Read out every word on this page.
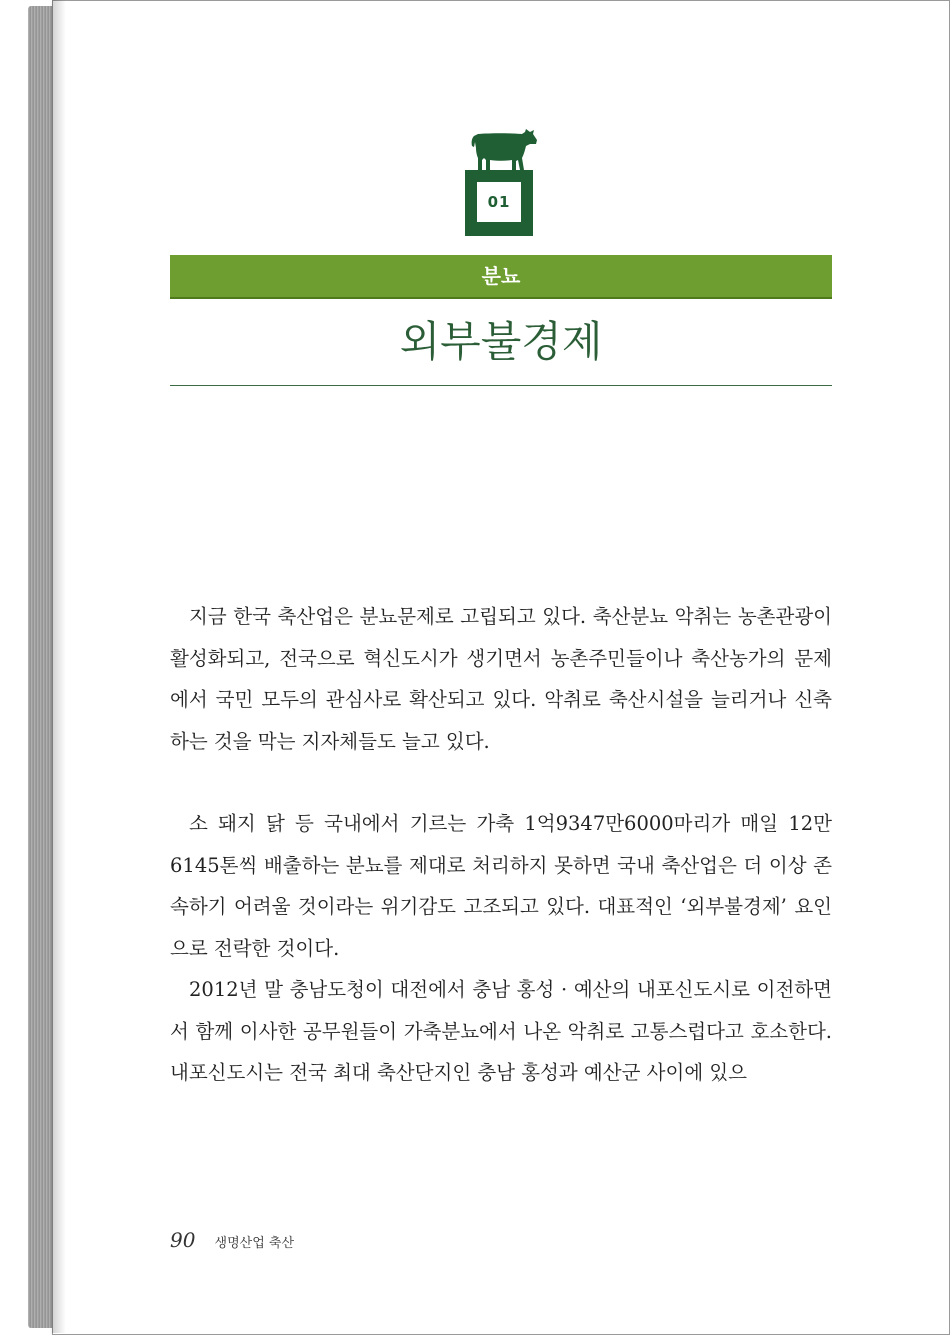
01
분뇨
외부불경제

지금 한국 축산업은 분뇨문제로 고립되고 있다. 축산분뇨 악취는 농촌관광이 활성화되고, 전국으로 혁신도시가 생기면서 농촌주민들이나 축산농가의 문제에서 국민 모두의 관심사로 확산되고 있다. 악취로 축산시설을 늘리거나 신축하는 것을 막는 지자체들도 늘고 있다.

소 돼지 닭 등 국내에서 기르는 가축 1억9347만6000마리가 매일 12만6145톤씩 배출하는 분뇨를 제대로 처리하지 못하면 국내 축산업은 더 이상 존속하기 어려울 것이라는 위기감도 고조되고 있다. 대표적인 ‘외부불경제’ 요인으로 전락한 것이다.

2012년 말 충남도청이 대전에서 충남 홍성 · 예산의 내포신도시로 이전하면서 함께 이사한 공무원들이 가축분뇨에서 나온 악취로 고통스럽다고 호소한다. 내포신도시는 전국 최대 축산단지인 충남 홍성과 예산군 사이에 있으

90 생명산업 축산
